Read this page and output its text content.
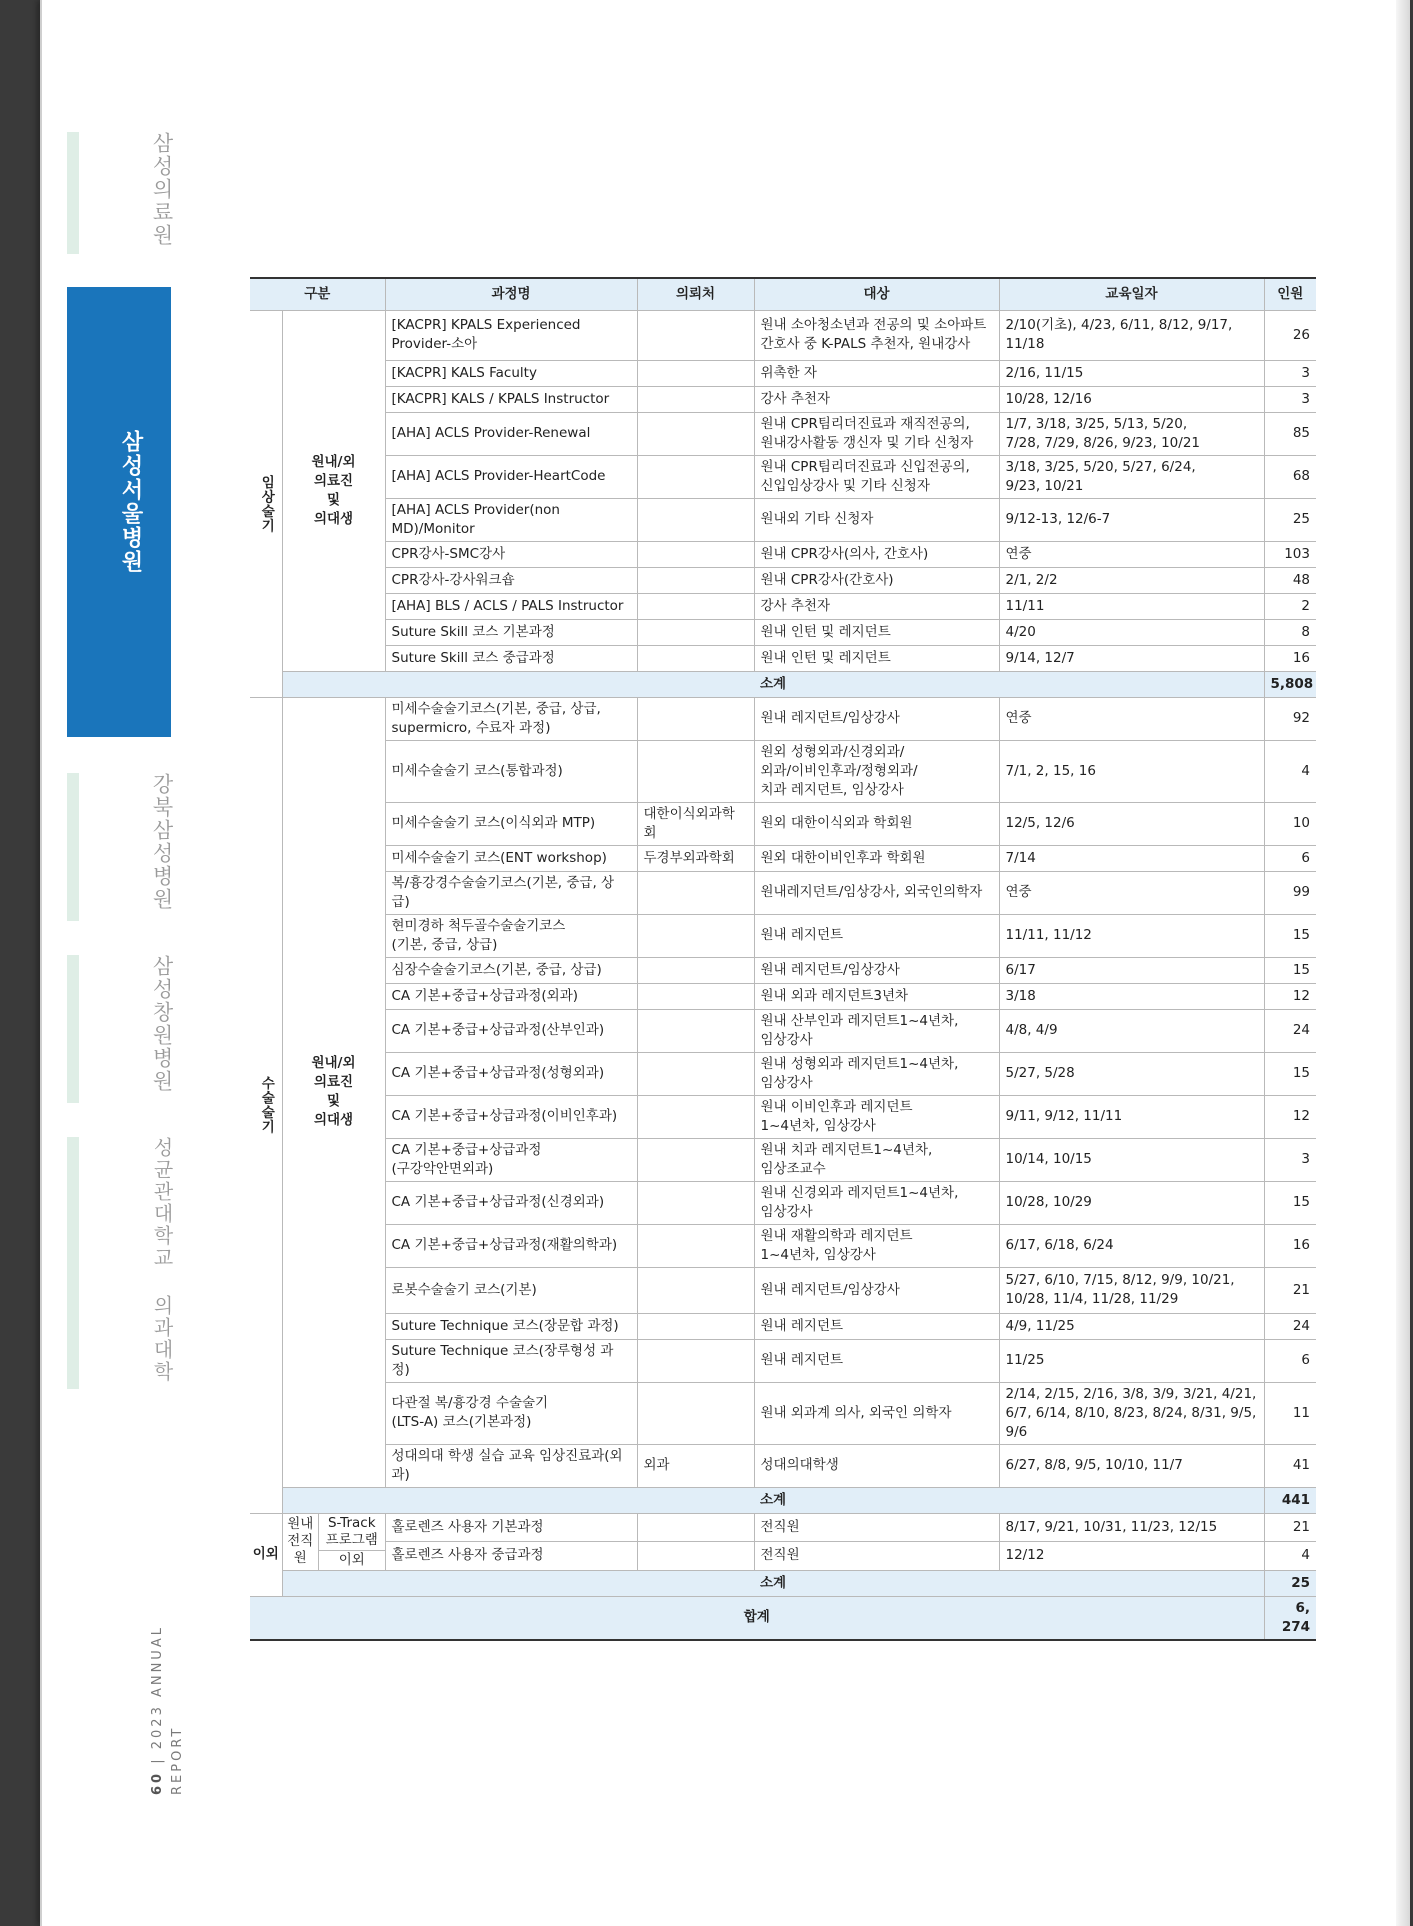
삼성의료원
삼성서울병원
강북삼성병원
삼성창원병원
성균관대학교 의과대학
60 | 2023 ANNUAL REPORT
구분	과정명	의뢰처	대상	교육일자	인원
임상술기	원내/외
의료진
및
의대생	[KACPR] KPALS Experienced
Provider-소아		원내 소아청소년과 전공의 및 소아파트
간호사 중 K-PALS 추천자, 원내강사	2/10(기초), 4/23, 6/11, 8/12, 9/17,
11/18	26
[KACPR] KALS Faculty		위촉한 자	2/16, 11/15	3
[KACPR] KALS / KPALS Instructor		강사 추천자	10/28, 12/16	3
[AHA] ACLS Provider-Renewal		원내 CPR팀리더진료과 재직전공의,
원내강사활동 갱신자 및 기타 신청자	1/7, 3/18, 3/25, 5/13, 5/20,
7/28, 7/29, 8/26, 9/23, 10/21	85
[AHA] ACLS Provider-HeartCode		원내 CPR팀리더진료과 신입전공의,
신입임상강사 및 기타 신청자	3/18, 3/25, 5/20, 5/27, 6/24,
9/23, 10/21	68
[AHA] ACLS Provider(non MD)/Monitor		원내외 기타 신청자	9/12-13, 12/6-7	25
CPR강사-SMC강사		원내 CPR강사(의사, 간호사)	연중	103
CPR강사-강사워크숍		원내 CPR강사(간호사)	2/1, 2/2	48
[AHA] BLS / ACLS / PALS Instructor		강사 추천자	11/11	2
Suture Skill 코스 기본과정		원내 인턴 및 레지던트	4/20	8
Suture Skill 코스 중급과정		원내 인턴 및 레지던트	9/14, 12/7	16
소계	5,808
수술술기	원내/외
의료진
및
의대생	미세수술술기코스(기본, 중급, 상급,
supermicro, 수료자 과정)		원내 레지던트/임상강사	연중	92
미세수술술기 코스(통합과정)		원외 성형외과/신경외과/
외과/이비인후과/정형외과/
치과 레지던트, 임상강사	7/1, 2, 15, 16	4
미세수술술기 코스(이식외과 MTP)	대한이식외과학회	원외 대한이식외과 학회원	12/5, 12/6	10
미세수술술기 코스(ENT workshop)	두경부외과학회	원외 대한이비인후과 학회원	7/14	6
복/흉강경수술술기코스(기본, 중급, 상급)		원내레지던트/임상강사, 외국인의학자	연중	99
현미경하 척두골수술술기코스
(기본, 중급, 상급)		원내 레지던트	11/11, 11/12	15
심장수술술기코스(기본, 중급, 상급)		원내 레지던트/임상강사	6/17	15
CA 기본+중급+상급과정(외과)		원내 외과 레지던트3년차	3/18	12
CA 기본+중급+상급과정(산부인과)		원내 산부인과 레지던트1~4년차,
임상강사	4/8, 4/9	24
CA 기본+중급+상급과정(성형외과)		원내 성형외과 레지던트1~4년차,
임상강사	5/27, 5/28	15
CA 기본+중급+상급과정(이비인후과)		원내 이비인후과 레지던트
1~4년차, 임상강사	9/11, 9/12, 11/11	12
CA 기본+중급+상급과정
(구강악안면외과)		원내 치과 레지던트1~4년차,
임상조교수	10/14, 10/15	3
CA 기본+중급+상급과정(신경외과)		원내 신경외과 레지던트1~4년차,
임상강사	10/28, 10/29	15
CA 기본+중급+상급과정(재활의학과)		원내 재활의학과 레지던트
1~4년차, 임상강사	6/17, 6/18, 6/24	16
로봇수술술기 코스(기본)		원내 레지던트/임상강사	5/27, 6/10, 7/15, 8/12, 9/9, 10/21,
10/28, 11/4, 11/28, 11/29	21
Suture Technique 코스(장문합 과정)		원내 레지던트	4/9, 11/25	24
Suture Technique 코스(장루형성 과정)		원내 레지던트	11/25	6
다관절 복/흉강경 수술술기
(LTS-A) 코스(기본과정)		원내 외과계 의사, 외국인 의학자	2/14, 2/15, 2/16, 3/8, 3/9, 3/21, 4/21,
6/7, 6/14, 8/10, 8/23, 8/24, 8/31, 9/5,
9/6	11
성대의대 학생 실습 교육 임상진료과(외과)	외과	성대의대학생	6/27, 8/8, 9/5, 10/10, 11/7	41
소계	441
이외	
원내
전직
원	S-Track
프로그램
이외
	홀로렌즈 사용자 기본과정		전직원	8/17, 9/21, 10/31, 11/23, 12/15	21
홀로렌즈 사용자 중급과정		전직원	12/12	4
소계	25
합계	6, 274
